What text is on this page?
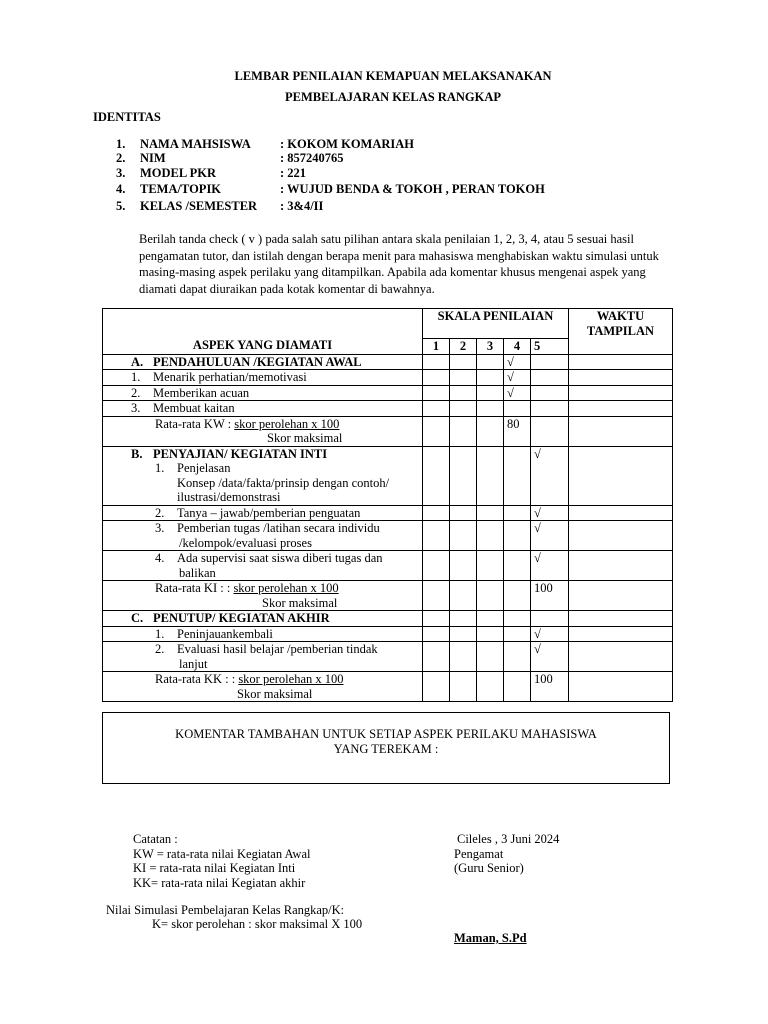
LEMBAR PENILAIAN KEMAPUAN MELAKSANAKAN
PEMBELAJARAN KELAS RANGKAP
IDENTITAS
1. NAMA MAHSISWA : KOKOM KOMARIAH
2. NIM	: 857240765
3. MODEL PKR	: 221
4. TEMA/TOPIK	: WUJUD BENDA & TOKOH , PERAN TOKOH
5. KELAS /SEMESTER : 3&4/II
Berilah tanda check ( v ) pada salah satu pilihan antara skala penilaian 1, 2, 3, 4, atau 5 sesuai hasil pengamatan tutor, dan istilah dengan berapa menit para mahasiswa menghabiskan waktu simulasi untuk masing-masing aspek perilaku yang ditampilkan. Apabila ada komentar khusus mengenai aspek yang diamati dapat diuraikan pada kotak komentar di bawahnya.
ASPEK YANG DIAMATI	SKALA PENILAIAN					WAKTU TAMPILAN
	1	2	3	4	5	
A. PENDAHULUAN /KEGIATAN AWAL				√		
1. Menarik perhatian/memotivasi				√		
2. Memberikan acuan				√		
3. Membuat kaitan						

Rata-rata KW : skor perolehan x 100
Skor maksimal				80		

B. PENYAJIAN/ KEGIATAN INTI
1. Penjelasan
Konsep /data/fakta/prinsip dengan contoh/ ilustrasi/demonstrasi					√	
2. Tanya – jawab/pemberian penguatan					√	

3. Pemberian tugas /latihan secara individu /kelompok/evaluasi proses					√	

4. Ada supervisi saat siswa diberi tugas dan balikan					√	

Rata-rata KI : : skor perolehan x 100
Skor maksimal					100	
C. PENUTUP/ KEGIATAN AKHIR						
1. Peninjauankembali					√	

2. Evaluasi hasil belajar /pemberian tindak lanjut					√	

Rata-rata KK : : skor perolehan x 100
Skor maksimal					100	
KOMENTAR TAMBAHAN UNTUK SETIAP ASPEK PERILAKU MAHASISWA YANG TEREKAM :
Catatan :
KW = rata-rata nilai Kegiatan Awal
KI = rata-rata nilai Kegiatan Inti
KK= rata-rata nilai Kegiatan akhir
Cileles , 3 Juni 2024
Pengamat
(Guru Senior)
Nilai Simulasi Pembelajaran Kelas Rangkap/K:
K= skor perolehan : skor maksimal X 100
Maman, S.Pd
